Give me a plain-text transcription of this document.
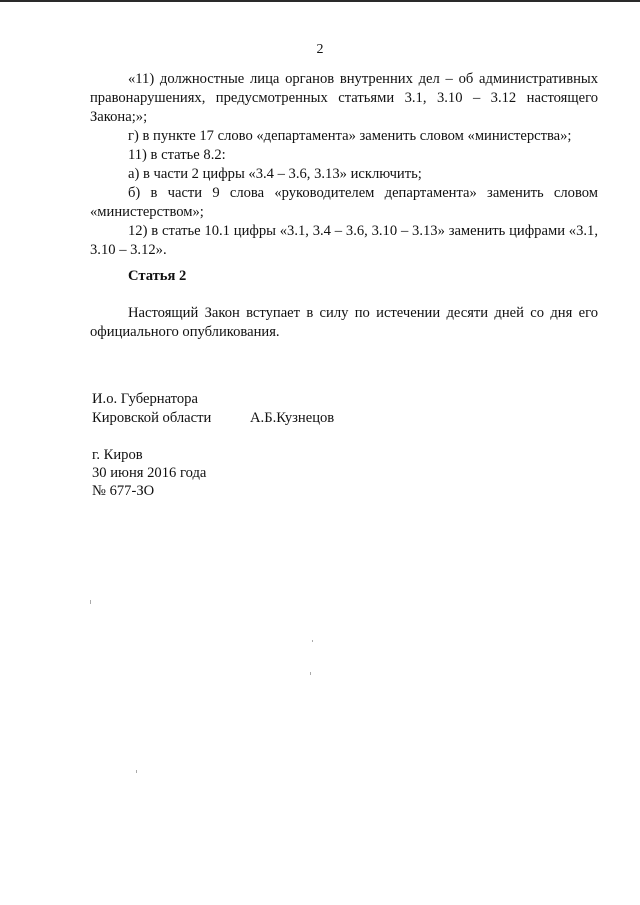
2

«11) должностные лица органов внутренних дел – об административных правонарушениях, предусмотренных статьями 3.1, 3.10 – 3.12 настоящего Закона;»;

г) в пункте 17 слово «департамента» заменить словом «министерства»;

11) в статье 8.2:

а) в части 2 цифры «3.4 – 3.6, 3.13» исключить;

б) в части 9 слова «руководителем департамента» заменить словом «министерством»;

12) в статье 10.1 цифры «3.1, 3.4 – 3.6, 3.10 – 3.13» заменить цифрами «3.1, 3.10 – 3.12».

Статья 2

Настоящий Закон вступает в силу по истечении десяти дней со дня его официального опубликования.

И.о. Губернатора
Кировской области	А.Б.Кузнецов
г. Киров
30 июня 2016 года
№ 677-ЗО
